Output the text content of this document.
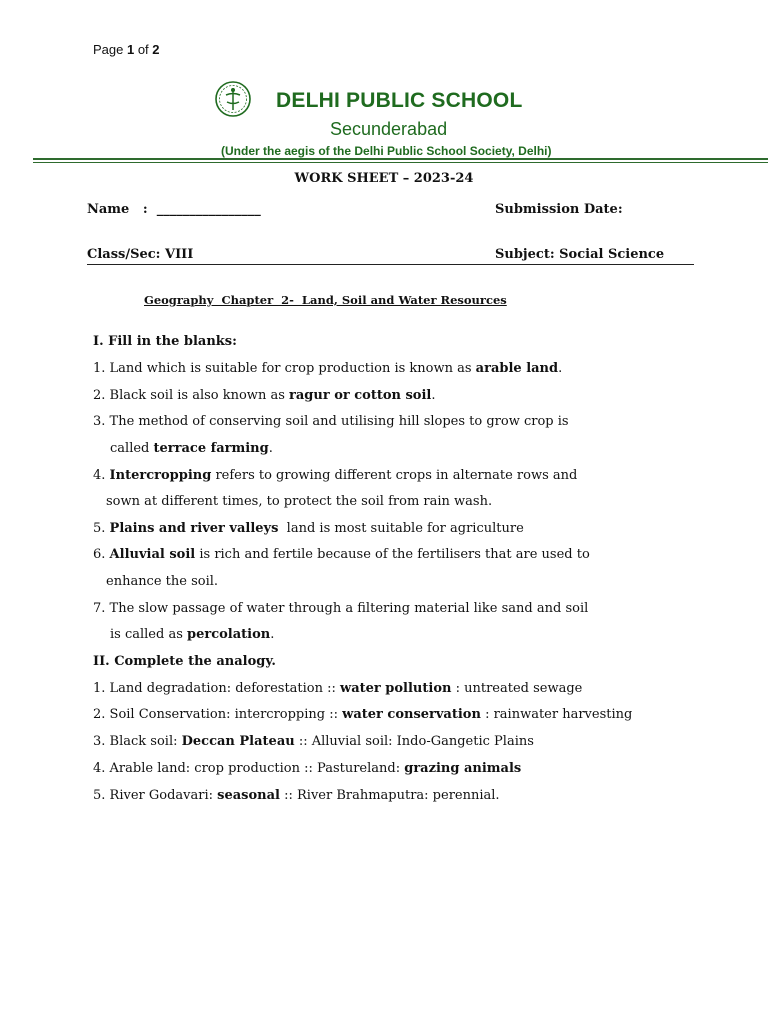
Page 1 of 2
DELHI PUBLIC SCHOOL
Secunderabad
(Under the aegis of the Delhi Public School Society, Delhi)
WORK SHEET – 2023-24
Name   :  ________________	Submission Date:
Class/Sec: VIII	Subject: Social Science
Geography  Chapter  2-  Land, Soil and Water Resources
I. Fill in the blanks:
1. Land which is suitable for crop production is known as arable land.
2. Black soil is also known as ragur or cotton soil.
3. The method of conserving soil and utilising hill slopes to grow crop is
called terrace farming.
4. Intercropping refers to growing different crops in alternate rows and
sown at different times, to protect the soil from rain wash.
5. Plains and river valleys  land is most suitable for agriculture
6. Alluvial soil is rich and fertile because of the fertilisers that are used to
enhance the soil.
7. The slow passage of water through a filtering material like sand and soil
is called as percolation.
II. Complete the analogy.
1. Land degradation: deforestation :: water pollution : untreated sewage
2. Soil Conservation: intercropping :: water conservation : rainwater harvesting
3. Black soil: Deccan Plateau :: Alluvial soil: Indo-Gangetic Plains
4. Arable land: crop production :: Pastureland: grazing animals
5. River Godavari: seasonal :: River Brahmaputra: perennial.
